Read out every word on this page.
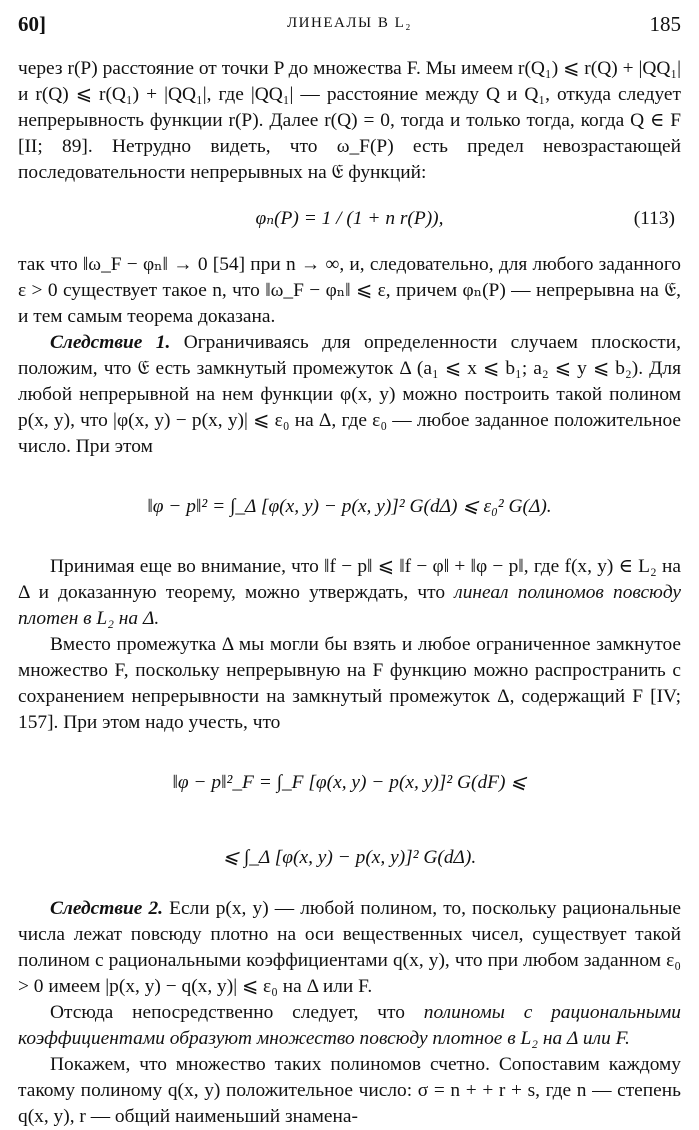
60]	ЛИНЕАЛЫ В L₂	185

через r(P) расстояние от точки P до множества F. Мы имеем r(Q₁) ⩽ r(Q) + |QQ₁| и r(Q) ⩽ r(Q₁) + |QQ₁|, где |QQ₁| — расстояние между Q и Q₁, откуда следует непрерывность функции r(P). Далее r(Q) = 0, тогда и только тогда, когда Q ∈ F [II; 89]. Нетрудно видеть, что ω_F(P) есть предел невозрастающей последовательности непрерывных на 𝔈 функций:

φₙ(P) = 1 / (1 + n r(P)),	(113)

так что ‖ω_F − φₙ‖ → 0 [54] при n → ∞, и, следовательно, для любого заданного ε > 0 существует такое n, что ‖ω_F − φₙ‖ ⩽ ε, причем φₙ(P) — непрерывна на 𝔈, и тем самым теорема доказана.

Следствие 1. Ограничиваясь для определенности случаем плоскости, положим, что 𝔈 есть замкнутый промежуток Δ (a₁ ⩽ x ⩽ b₁; a₂ ⩽ y ⩽ b₂). Для любой непрерывной на нем функции φ(x, y) можно построить такой полином p(x, y), что |φ(x, y) − p(x, y)| ⩽ ε₀ на Δ, где ε₀ — любое заданное положительное число. При этом

‖φ − p‖² = ∫_Δ [φ(x, y) − p(x, y)]² G(dΔ) ⩽ ε₀² G(Δ).

Принимая еще во внимание, что ‖f − p‖ ⩽ ‖f − φ‖ + ‖φ − p‖, где f(x, y) ∈ L₂ на Δ и доказанную теорему, можно утверждать, что линеал полиномов повсюду плотен в L₂ на Δ.

Вместо промежутка Δ мы могли бы взять и любое ограниченное замкнутое множество F, поскольку непрерывную на F функцию можно распространить с сохранением непрерывности на замкнутый промежуток Δ, содержащий F [IV; 157]. При этом надо учесть, что

‖φ − p‖²_F = ∫_F [φ(x, y) − p(x, y)]² G(dF) ⩽
⩽ ∫_Δ [φ(x, y) − p(x, y)]² G(dΔ).

Следствие 2. Если p(x, y) — любой полином, то, поскольку рациональные числа лежат повсюду плотно на оси вещественных чисел, существует такой полином с рациональными коэффициентами q(x, y), что при любом заданном ε₀ > 0 имеем |p(x, y) − q(x, y)| ⩽ ε₀ на Δ или F.

Отсюда непосредственно следует, что полиномы с рациональными коэффициентами образуют множество повсюду плотное в L₂ на Δ или F.

Покажем, что множество таких полиномов счетно. Сопоставим каждому такому полиному q(x, y) положительное число: σ = n + + r + s, где n — степень q(x, y), r — общий наименьший знамена-
